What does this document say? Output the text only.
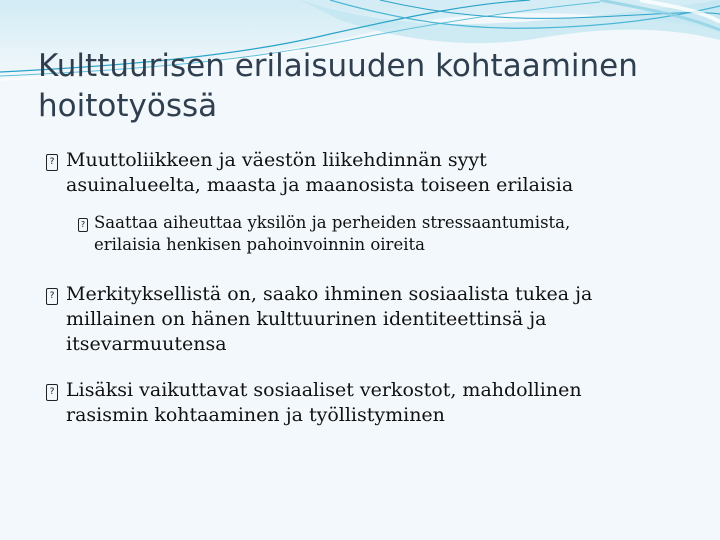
Kulttuurisen erilaisuuden kohtaaminen hoitotyössä
? Muuttoliikkeen ja väestön liikehdinnän syyt
asuinalueelta, maasta ja maanosista toiseen erilaisia
? Saattaa aiheuttaa yksilön ja perheiden stressaantumista,
erilaisia henkisen pahoinvoinnin oireita
? Merkityksellistä on, saako ihminen sosiaalista tukea ja
millainen on hänen kulttuurinen identiteettinsä ja
itsevarmuutensa
? Lisäksi vaikuttavat sosiaaliset verkostot, mahdollinen
rasismin kohtaaminen ja työllistyminen
